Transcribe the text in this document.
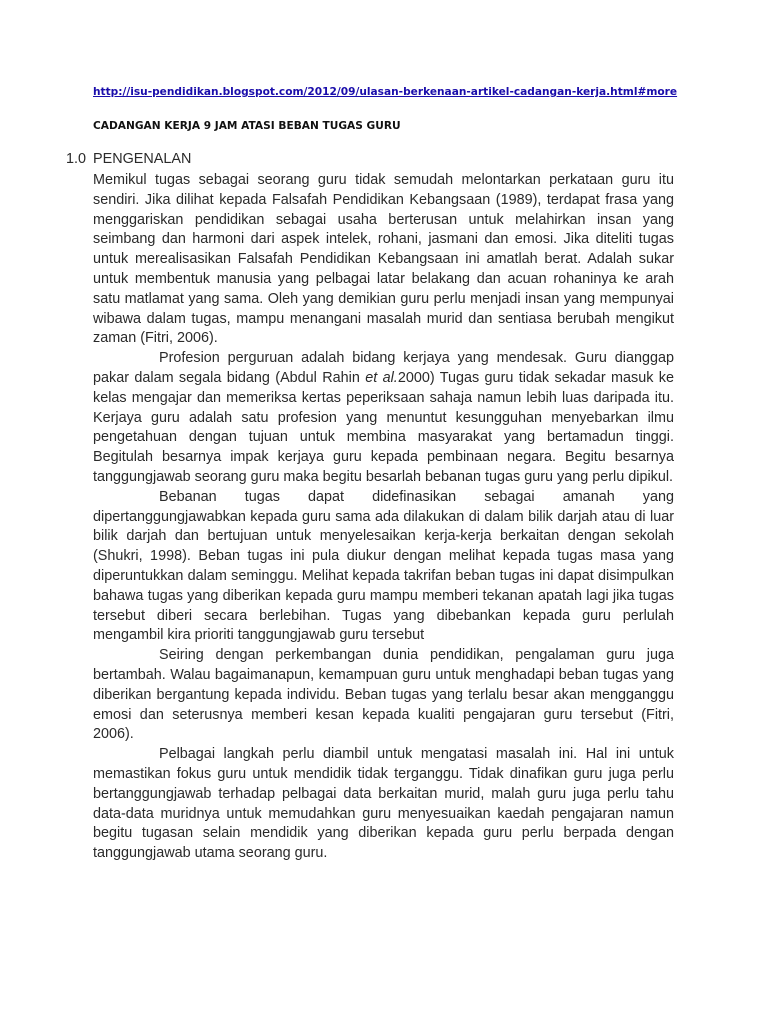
http://isu-pendidikan.blogspot.com/2012/09/ulasan-berkenaan-artikel-cadangan-kerja.html#more
CADANGAN KERJA 9 JAM ATASI BEBAN TUGAS GURU
1.0 PENGENALAN

Memikul tugas sebagai seorang guru tidak semudah melontarkan perkataan guru itu sendiri. Jika dilihat kepada Falsafah Pendidikan Kebangsaan (1989), terdapat frasa yang menggariskan pendidikan sebagai usaha berterusan untuk melahirkan insan yang seimbang dan harmoni dari aspek intelek, rohani, jasmani dan emosi. Jika diteliti tugas untuk merealisasikan Falsafah Pendidikan Kebangsaan ini amatlah berat. Adalah sukar untuk membentuk manusia yang pelbagai latar belakang dan acuan rohaninya ke arah satu matlamat yang sama. Oleh yang demikian guru perlu menjadi insan yang mempunyai wibawa dalam tugas, mampu menangani masalah murid dan sentiasa berubah mengikut zaman (Fitri, 2006).

Profesion perguruan adalah bidang kerjaya yang mendesak. Guru dianggap pakar dalam segala bidang (Abdul Rahin et al.2000) Tugas guru tidak sekadar masuk ke kelas mengajar dan memeriksa kertas peperiksaan sahaja namun lebih luas daripada itu. Kerjaya guru adalah satu profesion yang menuntut kesungguhan menyebarkan ilmu pengetahuan dengan tujuan untuk membina masyarakat yang bertamadun tinggi. Begitulah besarnya impak kerjaya guru kepada pembinaan negara. Begitu besarnya tanggungjawab seorang guru maka begitu besarlah bebanan tugas guru yang perlu dipikul.

Bebanan tugas dapat didefinasikan sebagai amanah yang dipertanggungjawabkan kepada guru sama ada dilakukan di dalam bilik darjah atau di luar bilik darjah dan bertujuan untuk menyelesaikan kerja-kerja berkaitan dengan sekolah (Shukri, 1998). Beban tugas ini pula diukur dengan melihat kepada tugas masa yang diperuntukkan dalam seminggu. Melihat kepada takrifan beban tugas ini dapat disimpulkan bahawa tugas yang diberikan kepada guru mampu memberi tekanan apatah lagi jika tugas tersebut diberi secara berlebihan. Tugas yang dibebankan kepada guru perlulah mengambil kira prioriti tanggungjawab guru tersebut

Seiring dengan perkembangan dunia pendidikan, pengalaman guru juga bertambah. Walau bagaimanapun, kemampuan guru untuk menghadapi beban tugas yang diberikan bergantung kepada individu. Beban tugas yang terlalu besar akan mengganggu emosi dan seterusnya memberi kesan kepada kualiti pengajaran guru tersebut (Fitri, 2006).

Pelbagai langkah perlu diambil untuk mengatasi masalah ini. Hal ini untuk memastikan fokus guru untuk mendidik tidak terganggu. Tidak dinafikan guru juga perlu bertanggungjawab terhadap pelbagai data berkaitan murid, malah guru juga perlu tahu data-data muridnya untuk memudahkan guru menyesuaikan kaedah pengajaran namun begitu tugasan selain mendidik yang diberikan kepada guru perlu berpada dengan tanggungjawab utama seorang guru.
